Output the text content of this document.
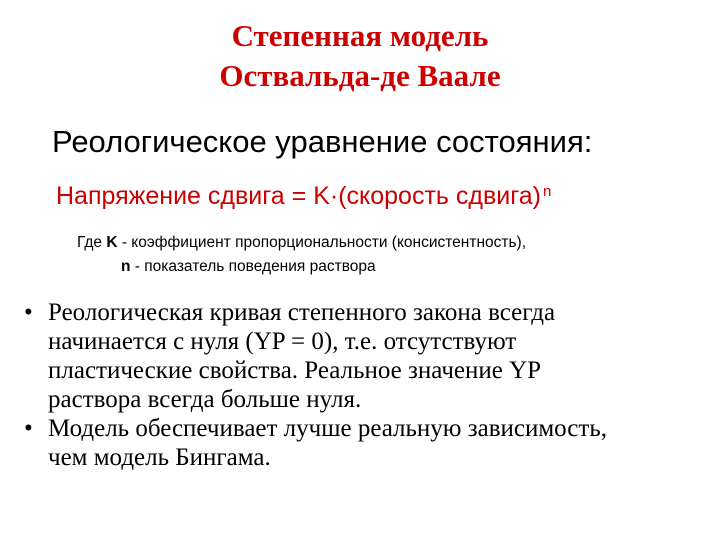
Степенная модель
Оствальда-де Ваале
Реологическое уравнение состояния:
Напряжение сдвига = K·(скорость сдвига) $^n$
Где K - коэффициент пропорциональности (консистентность),
n - показатель поведения раствора
• Реологическая кривая степенного закона всегда
начинается с нуля (YP = 0), т.е. отсутствуют
пластические свойства. Реальное значение YP
раствора всегда больше нуля.
• Модель обеспечивает лучше реальную зависимость,
чем модель Бингама.
